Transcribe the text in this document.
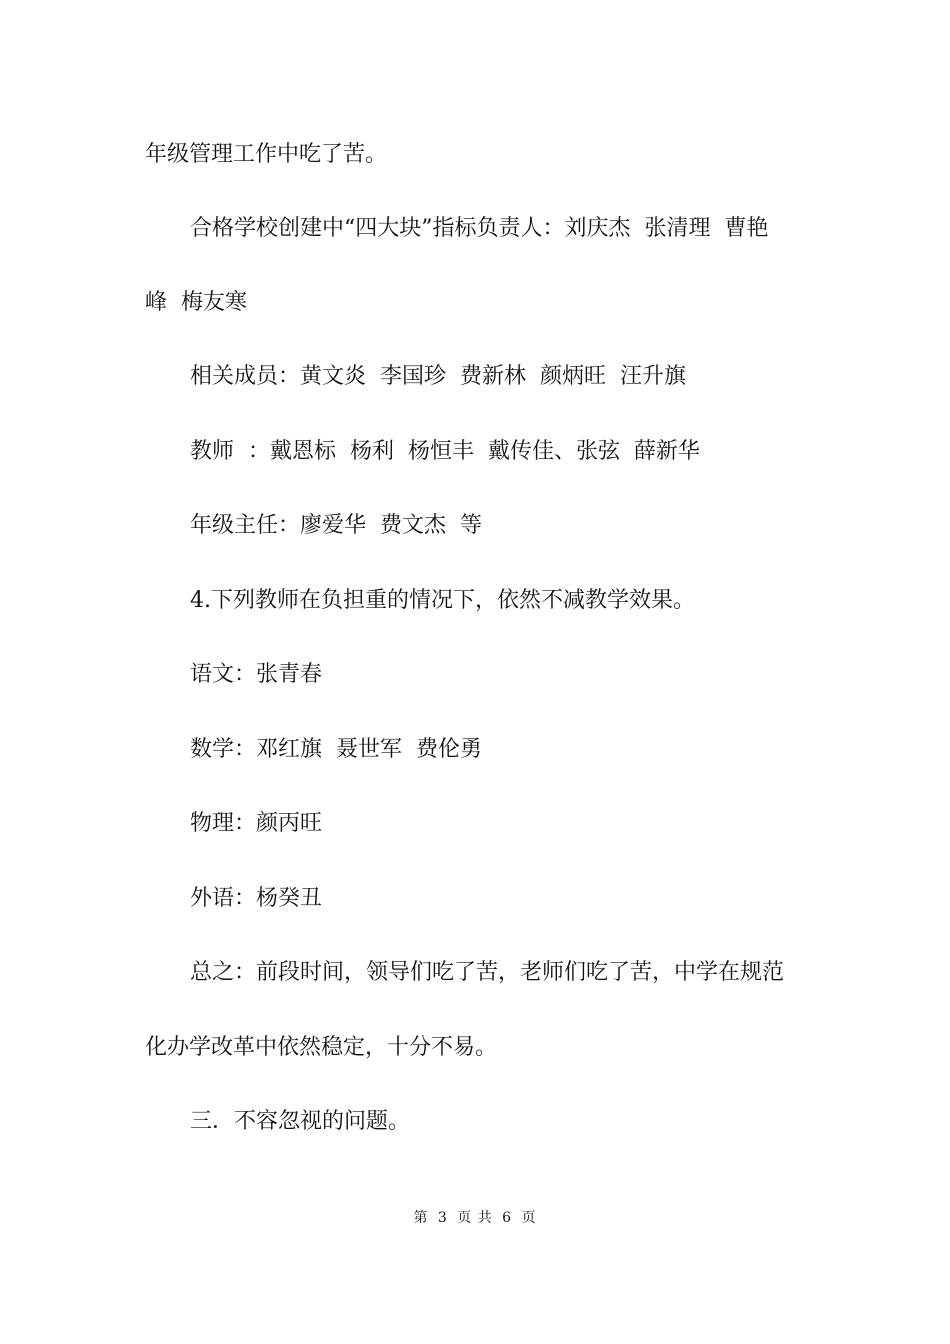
年级管理工作中吃了苦。
合格学校创建中“四大块”指标负责人：刘庆杰  张清理  曹艳
峰  梅友寒
相关成员：黄文炎  李国珍  费新林  颜炳旺  汪升旗
教师  ：戴恩标  杨利  杨恒丰  戴传佳、张弦  薛新华
年级主任：廖爱华  费文杰  等
4.下列教师在负担重的情况下，依然不减教学效果。
语文：张青春
数学：邓红旗  聂世军  费伦勇
物理：颜丙旺
外语：杨癸丑
总之：前段时间，领导们吃了苦，老师们吃了苦，中学在规范
化办学改革中依然稳定，十分不易。
三．不容忽视的问题。
第 3 页 共 6 页
